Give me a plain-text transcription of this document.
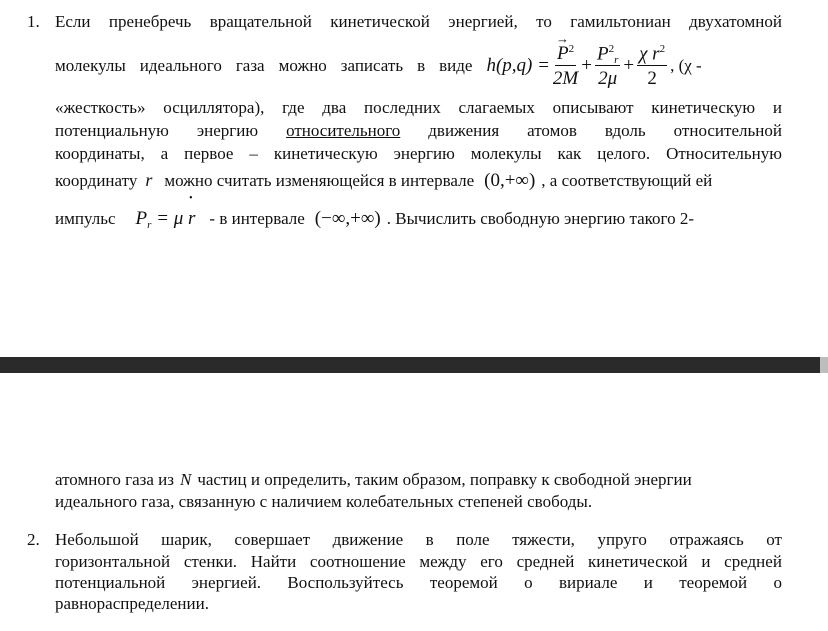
1. Если пренебречь вращательной кинетической энергией, то гамильтониан двухатомной
молекулы идеального газа можно записать в виде h(p,q) = → $\frac{P^2}{2M} + \frac{P^2_r}{2\mu} + \frac{\chi r^2}{2}$ , (χ -
«жесткость» осциллятора), где два последних слагаемых описывают кинетическую и
потенциальную энергию относительного движения атомов вдоль относительной
координаты, а первое – кинетическую энергию молекулы как целого. Относительную
координату r можно считать изменяющейся в интервале (0,+∞) , а соответствующий ей
импульс $P_r = \mu$ • r - в интервале (−∞,+∞) . Вычислить свободную энергию такого 2-
атомного газа из N частиц и определить, таким образом, поправку к свободной энергии
идеального газа, связанную с наличием колебательных степеней свободы.
2. Небольшой шарик, совершает движение в поле тяжести, упруго отражаясь от
горизонтальной стенки. Найти соотношение между его средней кинетической и средней
потенциальной энергией. Воспользуйтесь теоремой о вириале и теоремой о
равнораспределении.
